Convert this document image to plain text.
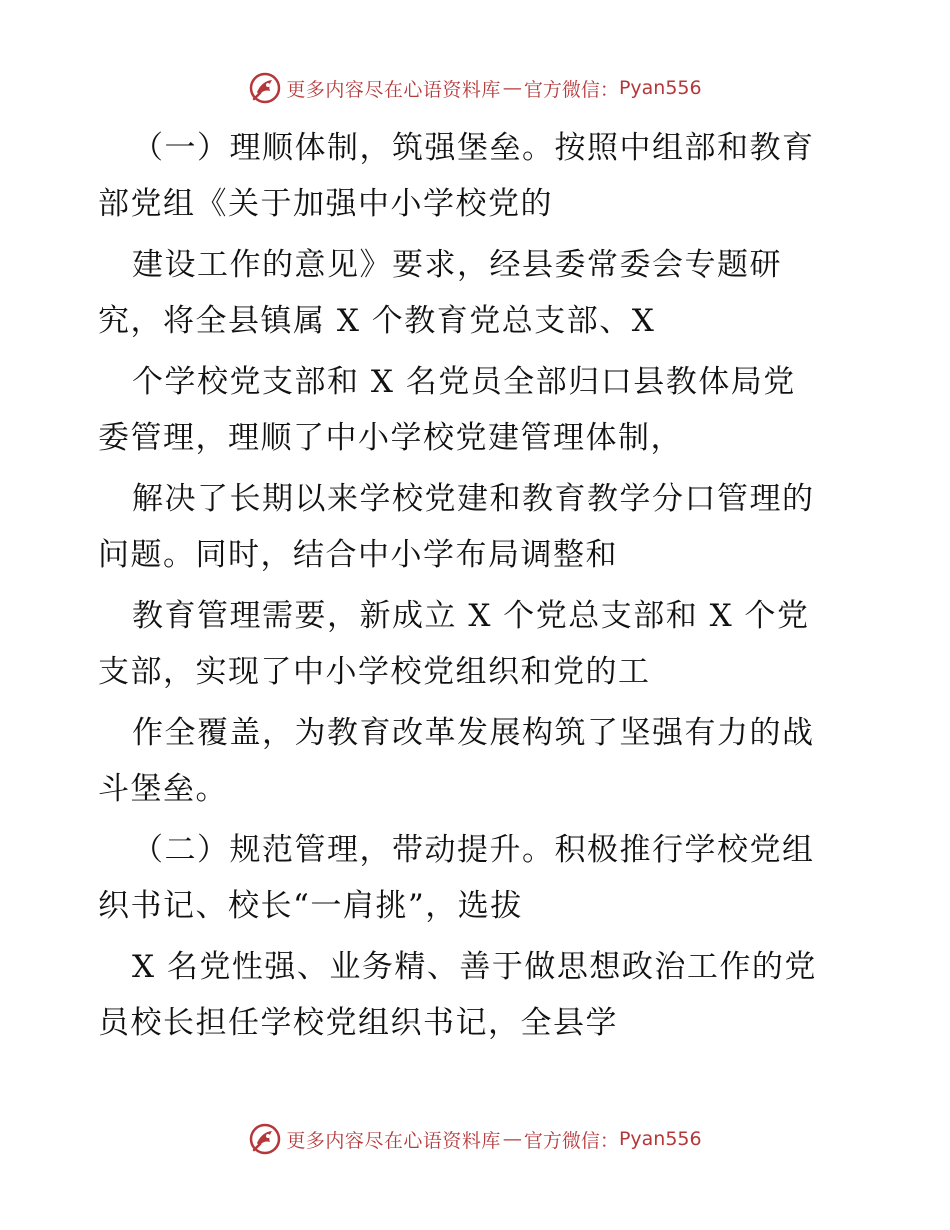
更多内容尽在心语资料库 — 官方微信： Pyan556
（一）理顺体制，筑强堡垒。按照中组部和教育
部党组《关于加强中小学校党的
建设工作的意见》要求，经县委常委会专题研
究，将全县镇属 X 个教育党总支部、X
个学校党支部和 X 名党员全部归口县教体局党
委管理，理顺了中小学校党建管理体制，
解决了长期以来学校党建和教育教学分口管理的
问题。同时，结合中小学布局调整和
教育管理需要，新成立 X 个党总支部和 X 个党
支部，实现了中小学校党组织和党的工
作全覆盖，为教育改革发展构筑了坚强有力的战
斗堡垒。
（二）规范管理，带动提升。积极推行学校党组
织书记、校长“一肩挑”，选拔
X 名党性强、业务精、善于做思想政治工作的党
员校长担任学校党组织书记，全县学
更多内容尽在心语资料库 — 官方微信： Pyan556
